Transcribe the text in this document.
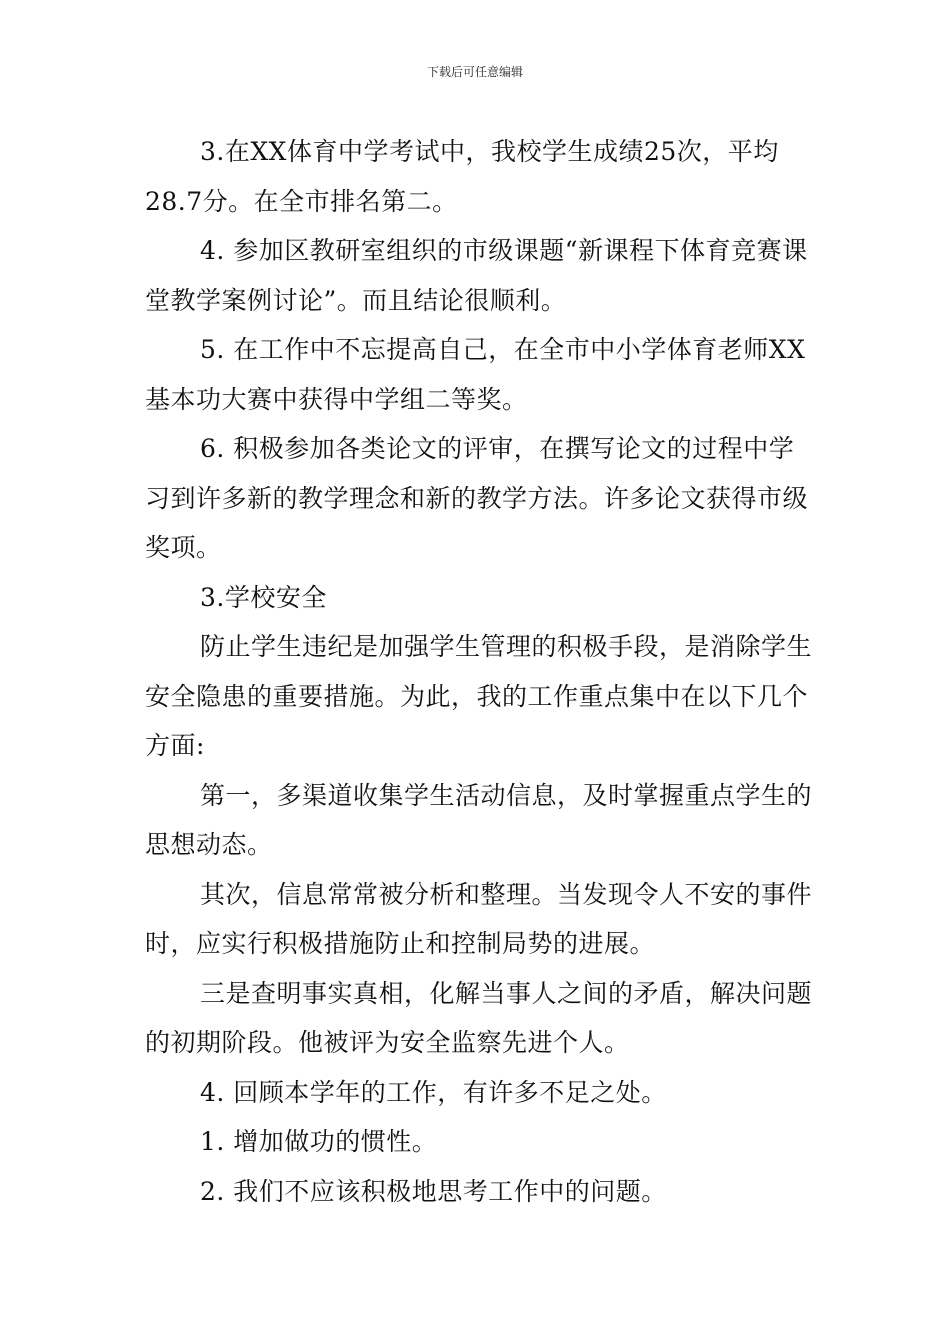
下载后可任意编辑

3.在XX体育中学考试中，我校学生成绩25次，平均28.7分。在全市排名第二。

4. 参加区教研室组织的市级课题“新课程下体育竞赛课堂教学案例讨论”。而且结论很顺利。

5. 在工作中不忘提高自己，在全市中小学体育老师XX基本功大赛中获得中学组二等奖。

6. 积极参加各类论文的评审，在撰写论文的过程中学习到许多新的教学理念和新的教学方法。许多论文获得市级奖项。

3.学校安全

防止学生违纪是加强学生管理的积极手段，是消除学生安全隐患的重要措施。为此，我的工作重点集中在以下几个方面:

第一，多渠道收集学生活动信息，及时掌握重点学生的思想动态。

其次，信息常常被分析和整理。当发现令人不安的事件时，应实行积极措施防止和控制局势的进展。

三是查明事实真相，化解当事人之间的矛盾，解决问题的初期阶段。他被评为安全监察先进个人。

4. 回顾本学年的工作，有许多不足之处。

1. 增加做功的惯性。

2. 我们不应该积极地思考工作中的问题。
